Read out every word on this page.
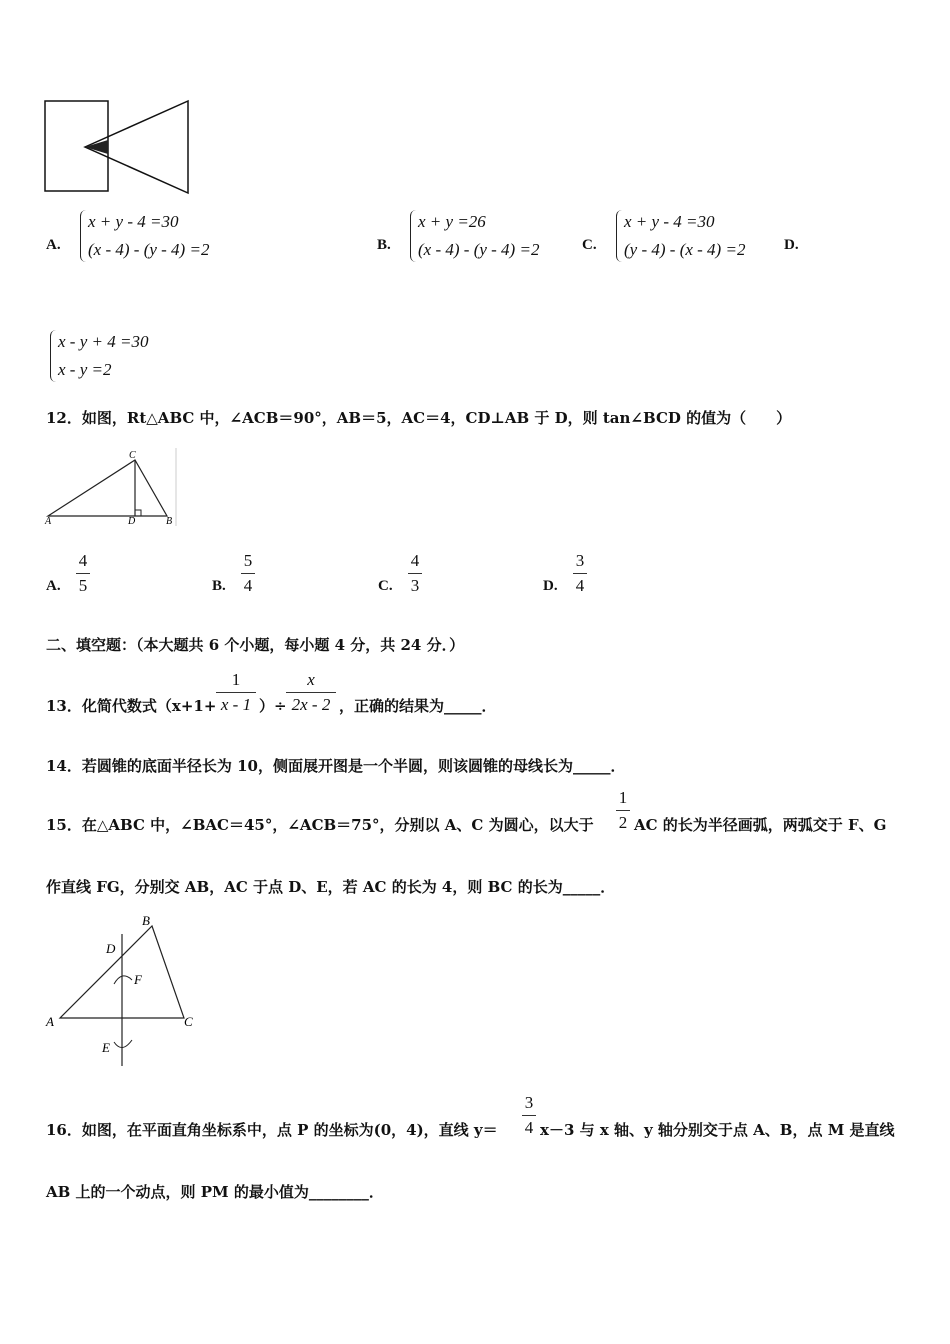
A.
x + y - 4 =30
(x - 4) - (y - 4) =2	B.
x + y =26
(x - 4) - (y - 4) =2	C.
x + y - 4 =30
(y - 4) - (x - 4) =2	D.
x - y + 4 =30
x - y =2
12．如图，Rt△ABC 中，∠ACB＝90°，AB＝5，AC＝4，CD⊥AB 于 D，则 tan∠BCD 的值为（　　）
C
A	D	B
A.
4
5	B.
5
4	C.
4
3	D.
3
4
二、填空题：（本大题共 6 个小题，每小题 4 分，共 24 分．）
13．化简代数式（x+1+
1
x - 1 ）÷
x
2x - 2 ，正确的结果为_____．
14．若圆锥的底面半径长为 10，侧面展开图是一个半圆，则该圆锥的母线长为_____．
15．在△ABC 中，∠BAC＝45°，∠ACB＝75°，分别以 A、C 为圆心，以大于
1
2 AC 的长为半径画弧，两弧交于 F、G
作直线 FG，分别交 AB，AC 于点 D、E，若 AC 的长为 4，则 BC 的长为_____．
B
D
F
A	C
E
16．如图，在平面直角坐标系中，点 P 的坐标为(0，4)，直线 y＝
3
4 x－3 与 x 轴、y 轴分别交于点 A、B，点 M 是直线
AB 上的一个动点，则 PM 的最小值为________．
